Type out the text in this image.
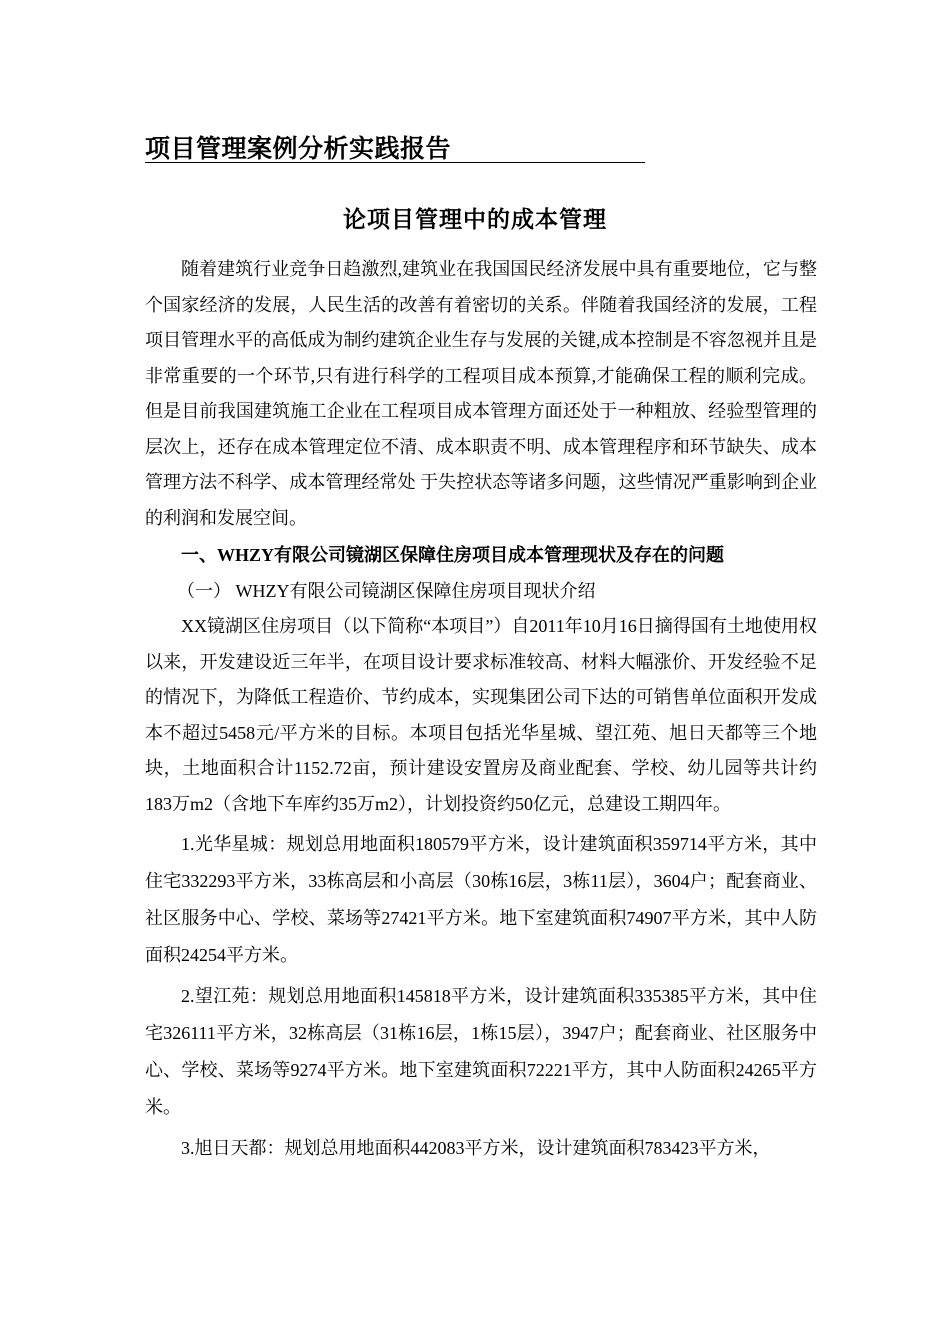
项目管理案例分析实践报告
论项目管理中的成本管理

随着建筑行业竞争日趋激烈,建筑业在我国国民经济发展中具有重要地位，它与整个国家经济的发展，人民生活的改善有着密切的关系。伴随着我国经济的发展，工程项目管理水平的高低成为制约建筑企业生存与发展的关键,成本控制是不容忽视并且是非常重要的一个环节,只有进行科学的工程项目成本预算,才能确保工程的顺利完成。但是目前我国建筑施工企业在工程项目成本管理方面还处于一种粗放、经验型管理的层次上，还存在成本管理定位不清、成本职责不明、成本管理程序和环节缺失、成本管理方法不科学、成本管理经常处 于失控状态等诸多问题，这些情况严重影响到企业的利润和发展空间。

一、WHZY有限公司镜湖区保障住房项目成本管理现状及存在的问题

（一） WHZY有限公司镜湖区保障住房项目现状介绍

XX镜湖区住房项目（以下简称“本项目”）自2011年10月16日摘得国有土地使用权以来，开发建设近三年半，在项目设计要求标准较高、材料大幅涨价、开发经验不足的情况下，为降低工程造价、节约成本，实现集团公司下达的可销售单位面积开发成本不超过5458元/平方米的目标。本项目包括光华星城、望江苑、旭日天都等三个地块，土地面积合计1152.72亩，预计建设安置房及商业配套、学校、幼儿园等共计约183万m2（含地下车库约35万m2），计划投资约50亿元，总建设工期四年。

1.光华星城：规划总用地面积180579平方米，设计建筑面积359714平方米，其中住宅332293平方米，33栋高层和小高层（30栋16层，3栋11层），3604户；配套商业、社区服务中心、学校、菜场等27421平方米。地下室建筑面积74907平方米，其中人防面积24254平方米。

2.望江苑：规划总用地面积145818平方米，设计建筑面积335385平方米，其中住宅326111平方米，32栋高层（31栋16层，1栋15层），3947户；配套商业、社区服务中心、学校、菜场等9274平方米。地下室建筑面积72221平方，其中人防面积24265平方米。

3.旭日天都：规划总用地面积442083平方米，设计建筑面积783423平方米，
